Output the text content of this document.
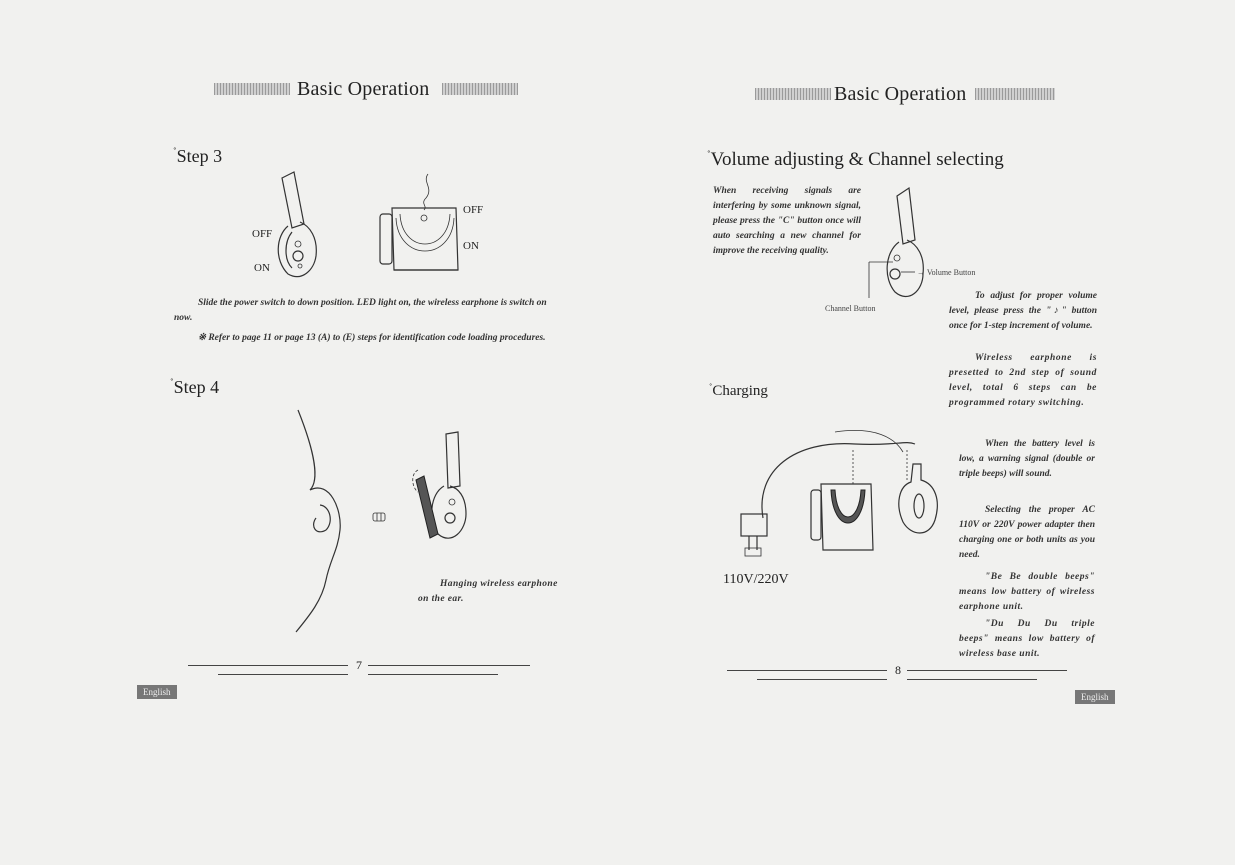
Basic Operation
˚Step 3
OFF
ON
OFF
ON
Slide the power switch to down position. LED light on, the wireless earphone is switch on now.
※ Refer to page 11 or page 13 (A) to (E) steps for identification code loading procedures.
˚Step 4
Hanging wireless earphone on the ear.
7
English
Basic Operation
˚Volume adjusting & Channel selecting
When receiving signals are interfering by some unknown signal, please press the "C" button once will auto searching a new channel for improve the receiving quality.
→ Volume Button
Channel Button
To adjust for proper volume level, please press the "♪" button once for 1-step increment of volume.
Wireless earphone is presetted to 2nd step of sound level, total 6 steps can be programmed rotary switching.
˚Charging
110V/220V
When the battery level is low, a warning signal (double or triple beeps) will sound.
Selecting the proper AC 110V or 220V power adapter then charging one or both units as you need.
"Be Be double beeps" means low battery of wireless earphone unit.
"Du Du Du triple beeps" means low battery of wireless base unit.
8
English
